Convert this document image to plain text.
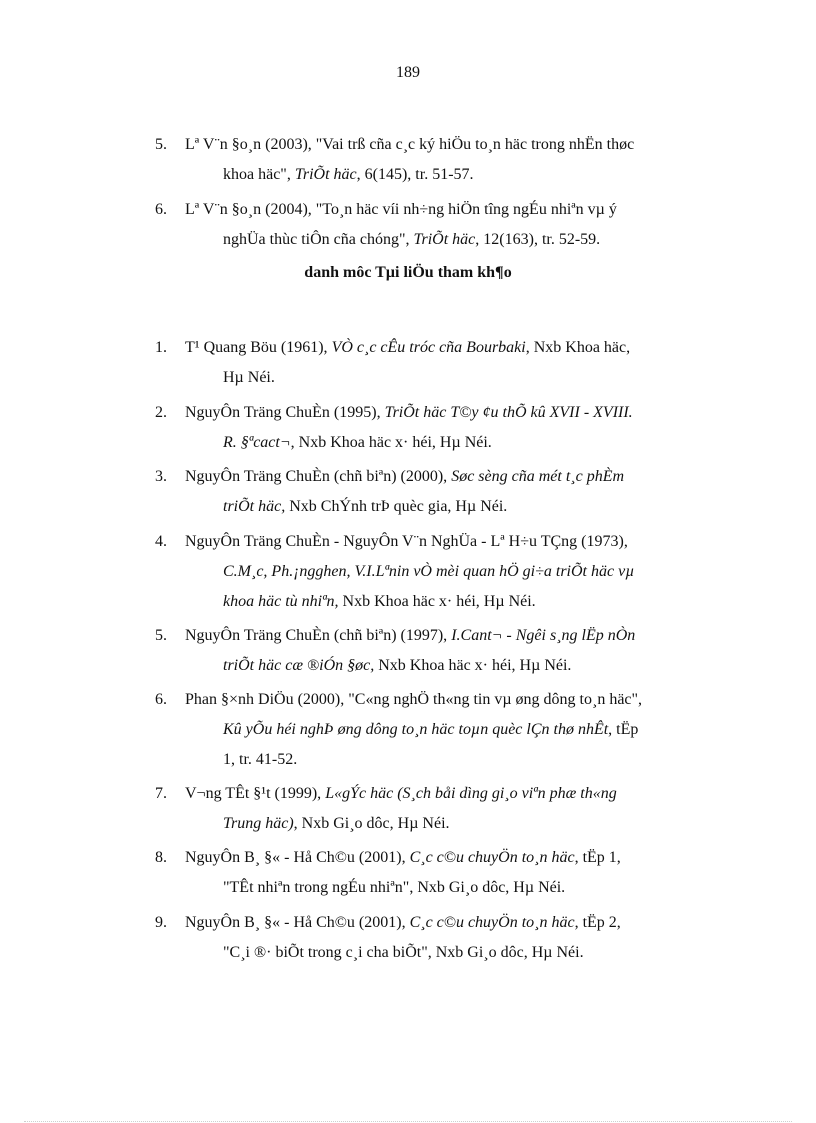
189
5.	Lª V¨n §o¸n (2003), "Vai trß cña c¸c ký hiÖu to¸n häc trong nhËn thøc
khoa häc", TriÕt häc, 6(145), tr. 51-57.
6.	Lª V¨n §o¸n (2004), "To¸n häc víi nh÷ng hiÖn tîng ngÉu nhiªn vµ ý
nghÜa thùc tiÔn cña chóng", TriÕt häc, 12(163), tr. 52-59.
danh môc Tµi liÖu tham kh¶o
1.	T¹ Quang Böu (1961), VÒ c¸c cÊu tróc cña Bourbaki, Nxb Khoa häc,
Hµ Néi.
2.	NguyÔn Träng ChuÈn (1995), TriÕt häc T©y ¢u thÕ kû XVII - XVIII.
R. §ªcact¬, Nxb Khoa häc x· héi, Hµ Néi.
3.	NguyÔn Träng ChuÈn (chñ biªn) (2000), Søc sèng cña mét t¸c phÈm
triÕt häc, Nxb ChÝnh trÞ quèc gia, Hµ Néi.
4.	NguyÔn Träng ChuÈn - NguyÔn V¨n NghÜa - Lª H÷u TÇng (1973),
C.M¸c, Ph.¡ngghen, V.I.Lªnin vÒ mèi quan hÖ gi÷a triÕt häc vµ
khoa häc tù nhiªn, Nxb Khoa häc x· héi, Hµ Néi.
5.	NguyÔn Träng ChuÈn (chñ biªn) (1997), I.Cant¬ - Ngêi s¸ng lËp nÒn
triÕt häc cæ ®iÓn §øc, Nxb Khoa häc x· héi, Hµ Néi.
6.	Phan §×nh DiÖu (2000), "C«ng nghÖ th«ng tin vµ øng dông to¸n häc",
Kû yÕu héi nghÞ øng dông to¸n häc toµn quèc lÇn thø nhÊt, tËp
1, tr. 41-52.
7.	V¬ng TÊt §¹t (1999), L«gÝc häc (S¸ch båi dìng gi¸o viªn phæ th«ng
Trung häc), Nxb Gi¸o dôc, Hµ Néi.
8.	NguyÔn B¸ §« - Hå Ch©u (2001), C¸c c©u chuyÖn to¸n häc, tËp 1,
"TÊt nhiªn trong ngÉu nhiªn", Nxb Gi¸o dôc, Hµ Néi.
9.	NguyÔn B¸ §« - Hå Ch©u (2001), C¸c c©u chuyÖn to¸n häc, tËp 2,
"C¸i ®· biÕt trong c¸i cha biÕt", Nxb Gi¸o dôc, Hµ Néi.
